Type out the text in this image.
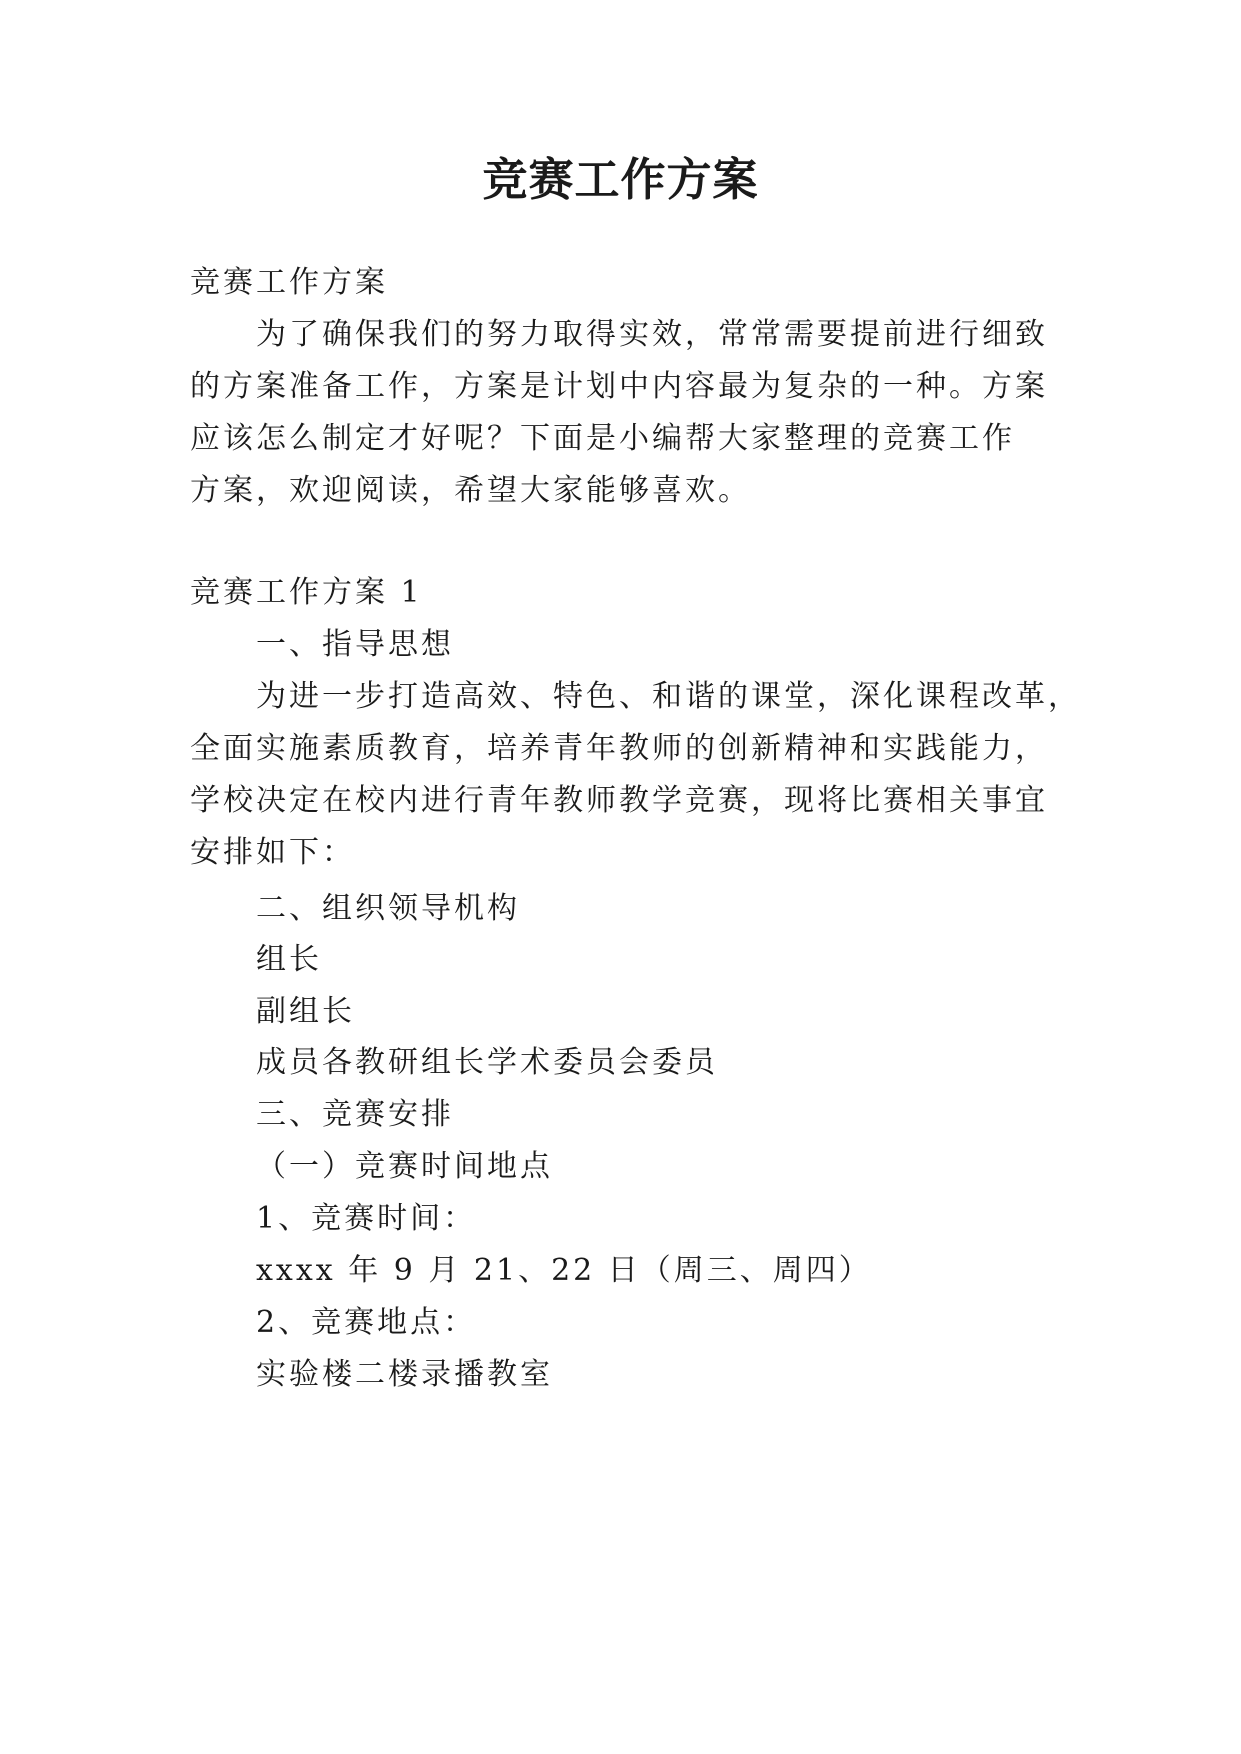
竞赛工作方案
竞赛工作方案
为了确保我们的努力取得实效，常常需要提前进行细致
的方案准备工作，方案是计划中内容最为复杂的一种。方案
应该怎么制定才好呢？下面是小编帮大家整理的竞赛工作
方案，欢迎阅读，希望大家能够喜欢。
竞赛工作方案 1
一、指导思想
为进一步打造高效、特色、和谐的课堂，深化课程改革，
全面实施素质教育，培养青年教师的创新精神和实践能力，
学校决定在校内进行青年教师教学竞赛，现将比赛相关事宜
安排如下：
二、组织领导机构
组长
副组长
成员各教研组长学术委员会委员
三、竞赛安排
（一）竞赛时间地点
1、竞赛时间：
xxxx 年 9 月 21、22 日（周三、周四）
2、竞赛地点：
实验楼二楼录播教室
